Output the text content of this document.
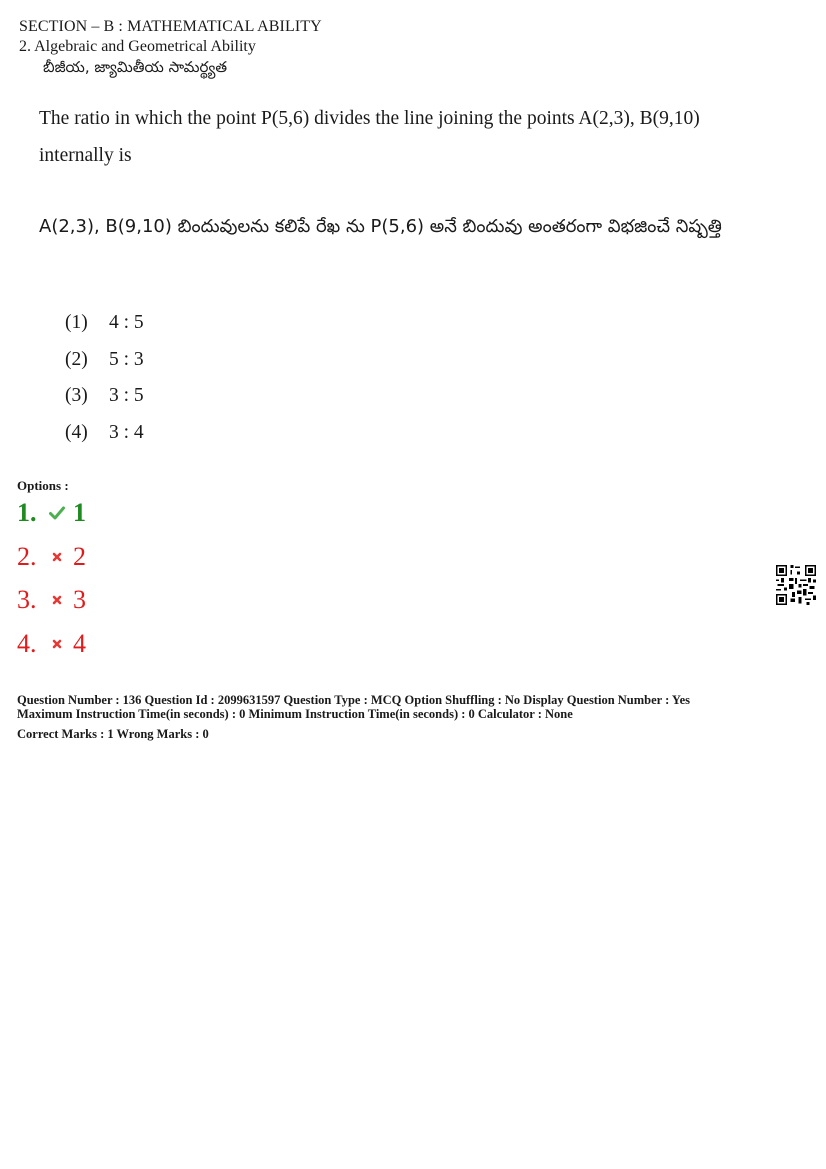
SECTION – B : MATHEMATICAL ABILITY
2. Algebraic and Geometrical Ability
బీజీయ, జ్యామితీయ సామర్థ్యత
The ratio in which the point P(5,6) divides the line joining the points A(2,3), B(9,10) internally is
A(2,3), B(9,10) బిందువులను కలిపే రేఖ ను P(5,6) అనే బిందువు అంతరంగా విభజించే నిష్పత్తి
(1)	4 : 5
(2)	5 : 3
(3)	3 : 5
(4)	3 : 4
Options :
1.	1
2.	2
3.	3
4.	4
Question Number : 136 Question Id : 2099631597 Question Type : MCQ Option Shuffling : No Display Question Number : Yes
Maximum Instruction Time(in seconds) : 0 Minimum Instruction Time(in seconds) : 0 Calculator : None
Correct Marks : 1 Wrong Marks : 0
